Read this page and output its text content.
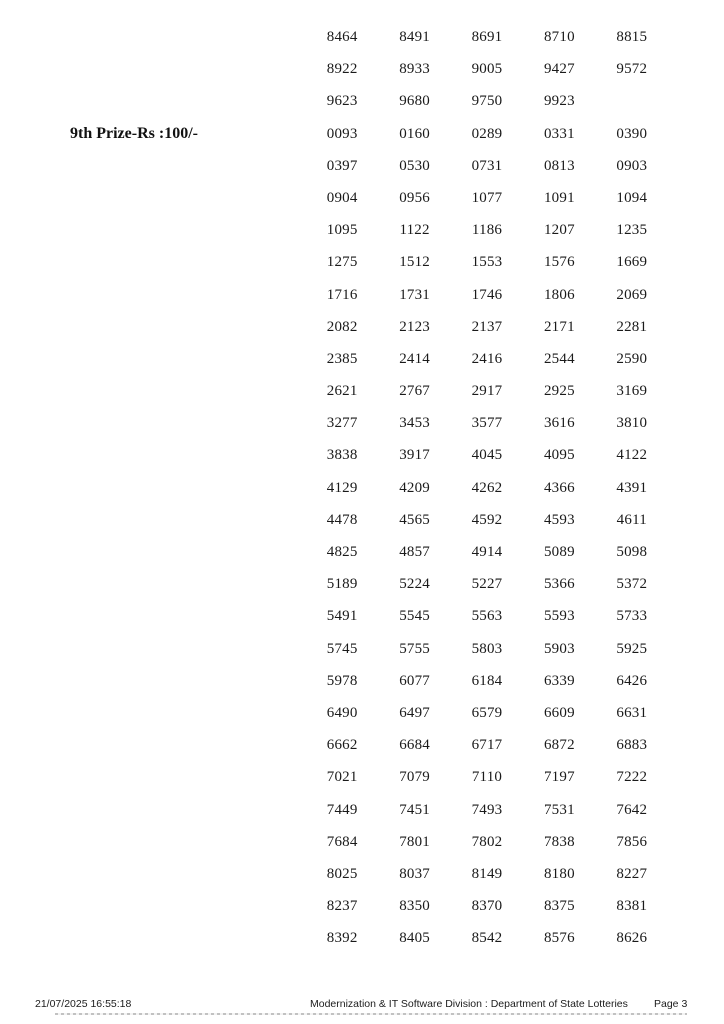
9th Prize-Rs :100/-
8464	8491	8691	8710	8815
8922	8933	9005	9427	9572
9623	9680	9750	9923
0093	0160	0289	0331	0390
0397	0530	0731	0813	0903
0904	0956	1077	1091	1094
1095	1122	1186	1207	1235
1275	1512	1553	1576	1669
1716	1731	1746	1806	2069
2082	2123	2137	2171	2281
2385	2414	2416	2544	2590
2621	2767	2917	2925	3169
3277	3453	3577	3616	3810
3838	3917	4045	4095	4122
4129	4209	4262	4366	4391
4478	4565	4592	4593	4611
4825	4857	4914	5089	5098
5189	5224	5227	5366	5372
5491	5545	5563	5593	5733
5745	5755	5803	5903	5925
5978	6077	6184	6339	6426
6490	6497	6579	6609	6631
6662	6684	6717	6872	6883
7021	7079	7110	7197	7222
7449	7451	7493	7531	7642
7684	7801	7802	7838	7856
8025	8037	8149	8180	8227
8237	8350	8370	8375	8381
8392	8405	8542	8576	8626
21/07/2025 16:55:18	Modernization & IT Software Division : Department of State Lotteries Page 3
